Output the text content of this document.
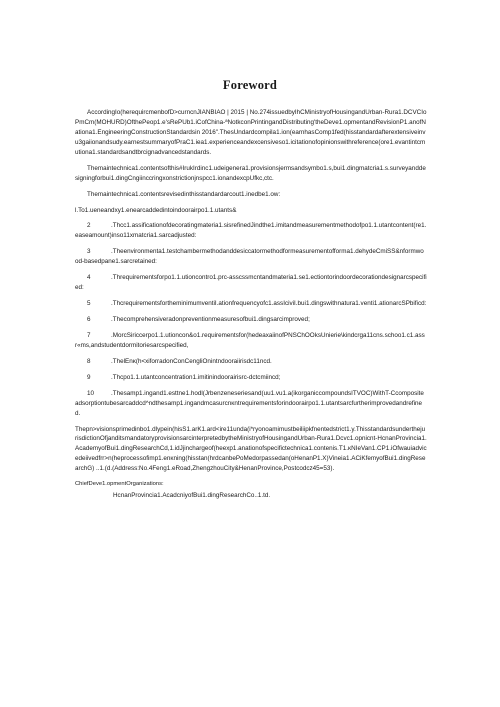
Foreword

AccordingIo(herequircmenbofD>curncnJIANBIAO | 2015 | No.274issuedbyIhCMinistryofHousingandUrban-Rura1.DCVCIoPmCm(MOHURD)OfthePeop1.e'sRePUb1.iCofChina-ªNotkconPrintingandDistributing'theDeve1.opmentandRevisionP1.anofNationa1.EngineeringConstructionStandardsin 2016".ThesUndardcompila1.ion(earnhasComp1fed(hisstandardafterextensiveinvu3gaiionandsudy.earnestsummaryofPraC1.iea1.experienceandexcensiveso1.icitationofopinionswithreference(ore1.evantintcmutiona1.standardsandtbrcignadvancedstandards.

Themaintechnica1.contentsofthis#IrukIrdinc1.udeigenera1.provisionsjermsandsymbo1.s,bui1.dingmatcria1.s.surveyanddesigningforbui1.dingCngiinccringxonstrictionjnspcc1.ionandexcpUfkc,ctc.

Themaintechnica1.contentsrevisedinthisstandardarcout1.inedbe1.ow:

l.To1.ueneandxy1.enearcaddedintoindoorairpo1.1.utants&

2	.Thcc1.assificationofdecoratingmateria1.sisrefinedJindthe1.imitandmeasurementmethodofpo1.1.utantcontent(re1.easeamount)inso11xmatcria1.sarcadjusted:

3	.Theenvironmenta1.testchambermethodanddesiccatormethodformeasurementofforma1.dehydeCmiSS&nformwood-basedpane1.sarcretained:

4	.Threquirementsforpo1.1.utioncontro1.prc-asscssmcntandmateria1.se1.ectiontorindoordecorationdesignarcspecified:

5	.ThcrequirementsfortheminimumventiI.ationfrequencyofc1.assIciviI.bui1.dingswithnatura1.venti1.ationarcSPbificd:

6	.Thecomprehensiveradonpreventionmeasuresofbui1.dingsarcimproved;

7	.MorcSiriccerpo1.1.utioncon&o1.requirementsfor(hedeaxaiinofPNSChOOksUnierie\kindcrga11cns.schoo1.c1.assr«ms,andstudentdormitoriesarcspecified,

8	.ThelEnκ(h<xiforradonConCengliOnintndooraiirisdc11ncd.

9	.Thcpo1.1.utantconcentration1.imitinindoorairisrc-dctcmiincd;

10	.Thesamp1.ingand1.esttne1.hodl(Jrbenzeneseriesand(uu1.vu1.a(ikorganiccompoundsITVOC)WithT-Ccompositeadsorptiontubesarcaddcd^ndthesamp1.ingandmcasurcnκntrequirementsforindoorairpo1.1.utantsarcfurtherimprovedandrefined.

Thepn>visionsprimedinbo1.dlypein(hisS1.arK1.ard<ire11unda(i*ryonoamimustbeiliipkfnentedstrict1.y.ThisstandardsunderthejurisdictionOfjanditsmandatoryprovisionsarcinterpretedbytheMinistryofHousingandUrban-Rura1.Dcvc1.opnicnt-HcnanProvincia1.AcademyofBui1.dingResearchCd,1.idJjinchargeof(heexp1.anationofspecifictechnica1.contenis.T1.κNIeVan1.CP1.iOfwauiadvicedeiivedfrr>n(heprocessofimp1.enκning(hisstan(hrdcanbePoMedorpassedan(oHenanP1.X)Vineia1.ACiKfemyofBui1.dingResearchG) ..1.(d.(Address:No.4Feng1.eRoad,ZhengzhouCity&HenanProvince,Postcodcz45=53).

ChiefDeve1.opmentOrganizations:
HcnanProvincia1.AcadcniyofBui1.dingResearchCo..1.td.
